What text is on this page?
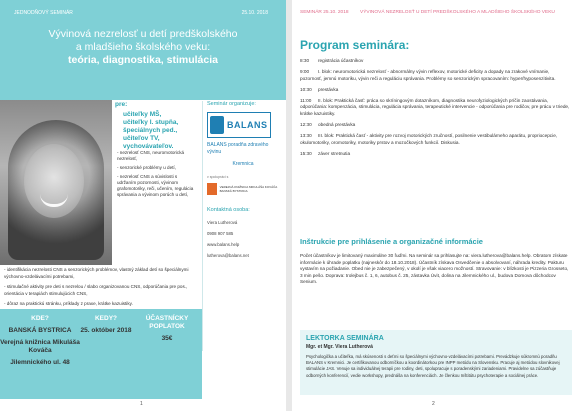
JEDNODŇOVÝ SEMINÁR	25.10. 2018
Vývinová nezrelosť u detí predškolského
a mladšieho školského veku:
teória, diagnostika, stimulácia
pre:
učiteľky MŠ,
učiteľky I. stupňa,
špeciálnych ped.,
učiteľov TV,
vychovávateľov.
- nezrelosť CNS, neuromotorická nezrelosť,
- senzorické problémy u detí,
- nezrelosť CNS a súvislosti s udržaním pozornosti, vývinom grafomotoriky, reči, učením, regulácia správania a vývinom porúch u detí,
- identifikácia nezrelosti CNS a senzorických problémov, vlastný základ detí so špeciálnymi výchovno-vzdelávacími potrebami,
- stimulačné aktivity pre deti s nezrelou / slabo organizovanou CNS, odporúčania pre pos., orientácia v terapiách stimulujúcich CNS,
- dôraz na praktickú stránku, príklady z praxe, krátke kazuistiky.
Seminár organizuje:
BALANS
BALANS poradňa zdravého vývinu
Kremnica
v spolupráci s
VEREJNÁ KNIŽNICA MIKULÁŠA KOVÁČA BANSKÁ BYSTRICA
Kontaktná osoba:
Viera Lutherová
0908 907 585
www.balans.help
lutherova@balans.net
KDE?
BANSKÁ BYSTRICA
Verejná knižnica Mikuláša Kováča
Jilemnického ul. 48
KEDY?
25. október 2018
ÚČASTNÍCKY POPLATOK
35€
1
SEMINÁR 25.10. 2018 VÝVINOVÁ NEZRELOSŤ U DETÍ PREDŠKOLSKÉHO A MLADŠIEHO ŠKOLSKÉHO VEKU
Program seminára:
8:30 registrácia účastníkov
9:00 I. blok: neuromotorická nezrelosť - abnormálny vývin reflexov, motorické deficity a dopady na zrakové vnímanie, pozornosť, jemnú motoriku, vývin reči a reguláciu správania. Problémy so senzorickým spracovaním: hyper/hyposenzitivita.
10:30 prestávka
11:00 II. blok: Praktická časť: práca so skríningovým dotazníkom, diagnostika neurofyziologických príčin zaostávania, odporúčania: kompenzácia, stimulácia, regulácia správania, terapeutické intervencie - odporúčania pre rodičov, pre prácu v triede, krátke kazuistiky.
12:30 obedná prestávka
13:30 III. blok: Praktická časť - aktivity pre rozvoj motorických zručností, posilnenie vestibulárneho aparátu, propriocepcie, okulomotoriky, oromotoriky, motoriky prstov a mozočkových funkcií. Diskusia.
15:30 záver stretnutia
Inštrukcie pre prihlásenie a organizačné informácie
Počet účastníkov je limitovaný maximálne 30 ľuďmi. Na seminár sa prihlasujte na: viera.lutherova@balans.help. Obratom získate informácie k úhrade poplatku (najneskôr do 18.10.2018). Účastník získava Osvedčenie o absolvovaní, náhrada kredity. Pakturu vystavím na požiadanie. Obed nie je zabezpečený, v okolí je však viacero možností. Stravovanie: v blízkosti je Pizzeria Grosseto, 3 min pešo. Doprava: trolejbus č. 1, 6, autobus č. 25, zástavka Úvit, dolina na Jilemnického ul., budova Domova dôchodcov Senium.
LEKTORKA SEMINÁRA
Mgr. et Mgr. Viera Lutherová
Psychologička a učiteľka, má skúsenosti s deťmi so špeciálnymi výchovno-vzdelávacími potrebami. Prevádzkuje súkromnú poradňu BALANS v Kremnici. Je certifikovanou odborníčkou a koordinátorkou pre INPP metódu na Slovensku. Pracuje aj metódou slovnikovej stimulácie JAS. Venuje sa individuálnej terapii pre rodiny, deti, spolupracuje s poradenskými zariadeniami. Pravidelne sa zúčastňuje odborných konferencií, vedie workshopy, prednáša na konferenciách. Je členkou Inštitútu psychoterapie a sociálnej práce.
2
